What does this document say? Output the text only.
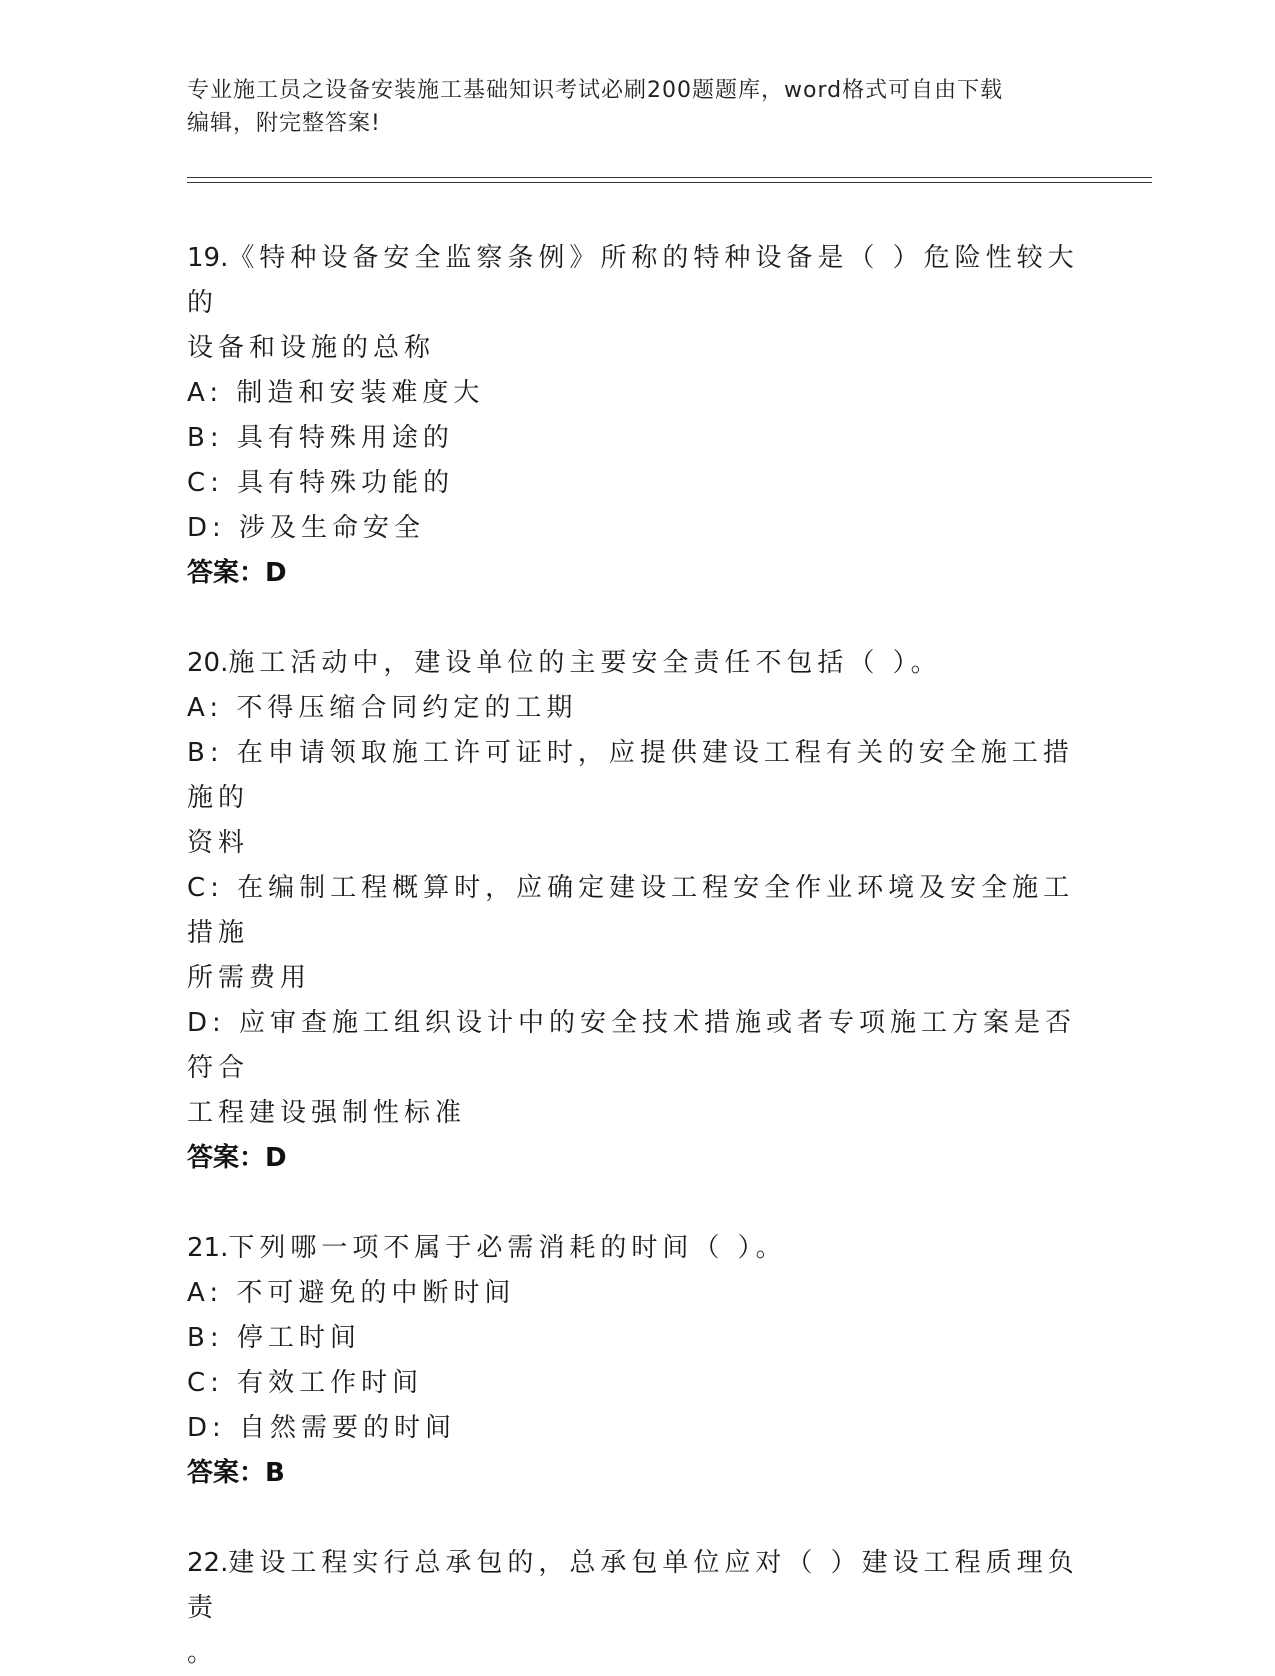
专业施工员之设备安装施工基础知识考试必刷200题题库，word格式可自由下载
编辑，附完整答案!
19.《特种设备安全监察条例》所称的特种设备是（ ）危险性较大的
设备和设施的总称
A: 制造和安装难度大
B: 具有特殊用途的
C: 具有特殊功能的
D: 涉及生命安全
答案：D
20.施工活动中，建设单位的主要安全责任不包括（ ）。
A: 不得压缩合同约定的工期
B: 在申请领取施工许可证时，应提供建设工程有关的安全施工措施的
资料
C: 在编制工程概算时，应确定建设工程安全作业环境及安全施工措施
所需费用
D: 应审查施工组织设计中的安全技术措施或者专项施工方案是否符合
工程建设强制性标准
答案：D
21.下列哪一项不属于必需消耗的时间（ ）。
A: 不可避免的中断时间
B: 停工时间
C: 有效工作时间
D: 自然需要的时间
答案：B
22.建设工程实行总承包的，总承包单位应对（ ）建设工程质理负责
。
